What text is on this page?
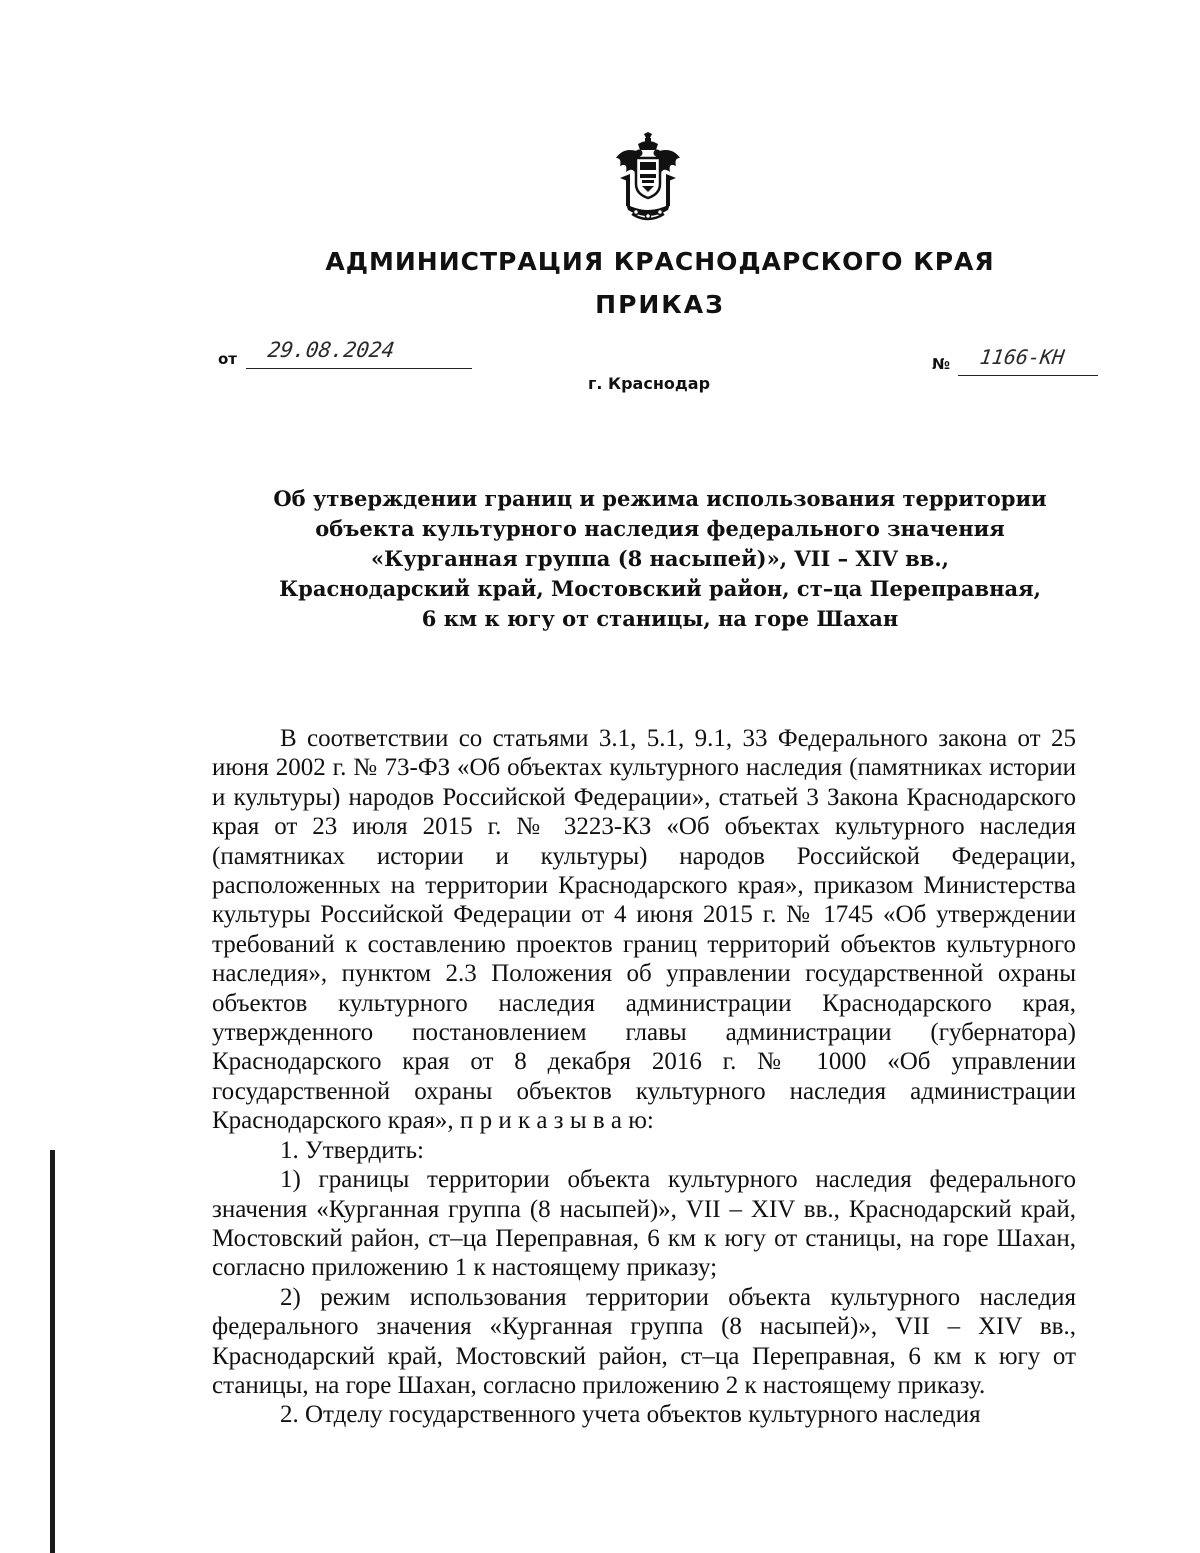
АДМИНИСТРАЦИЯ КРАСНОДАРСКОГО КРАЯ
ПРИКАЗ
от 29.08.2024
г. Краснодар
№ 1166-КН
Об утверждении границ и режима использования территории
объекта культурного наследия федерального значения
«Курганная группа (8 насыпей)», VII – XIV вв.,
Краснодарский край, Мостовский район, ст–ца Переправная,
6 км к югу от станицы, на горе Шахан

В соответствии со статьями 3.1, 5.1, 9.1, 33 Федерального закона от 25 июня 2002 г. № 73-ФЗ «Об объектах культурного наследия (памятниках истории и культуры) народов Российской Федерации», статьей 3 Закона Краснодарского края от 23 июля 2015 г. № 3223-КЗ «Об объектах культурного наследия (памятниках истории и культуры) народов Российской Федерации, расположенных на территории Краснодарского края», приказом Министерства культуры Российской Федерации от 4 июня 2015 г. № 1745 «Об утверждении требований к составлению проектов границ территорий объектов культурного наследия», пунктом 2.3 Положения об управлении государственной охраны объектов культурного наследия администрации Краснодарского края, утвержденного постановлением главы администрации (губернатора) Краснодарского края от 8 декабря 2016 г. № 1000 «Об управлении государственной охраны объектов культурного наследия администрации Краснодарского края», п р и к а з ы в а ю:

1. Утвердить:

1) границы территории объекта культурного наследия федерального значения «Курганная группа (8 насыпей)», VII – XIV вв., Краснодарский край, Мостовский район, ст–ца Переправная, 6 км к югу от станицы, на горе Шахан, согласно приложению 1 к настоящему приказу;

2) режим использования территории объекта культурного наследия федерального значения «Курганная группа (8 насыпей)», VII – XIV вв., Краснодарский край, Мостовский район, ст–ца Переправная, 6 км к югу от станицы, на горе Шахан, согласно приложению 2 к настоящему приказу.

2. Отделу государственного учета объектов культурного наследия
